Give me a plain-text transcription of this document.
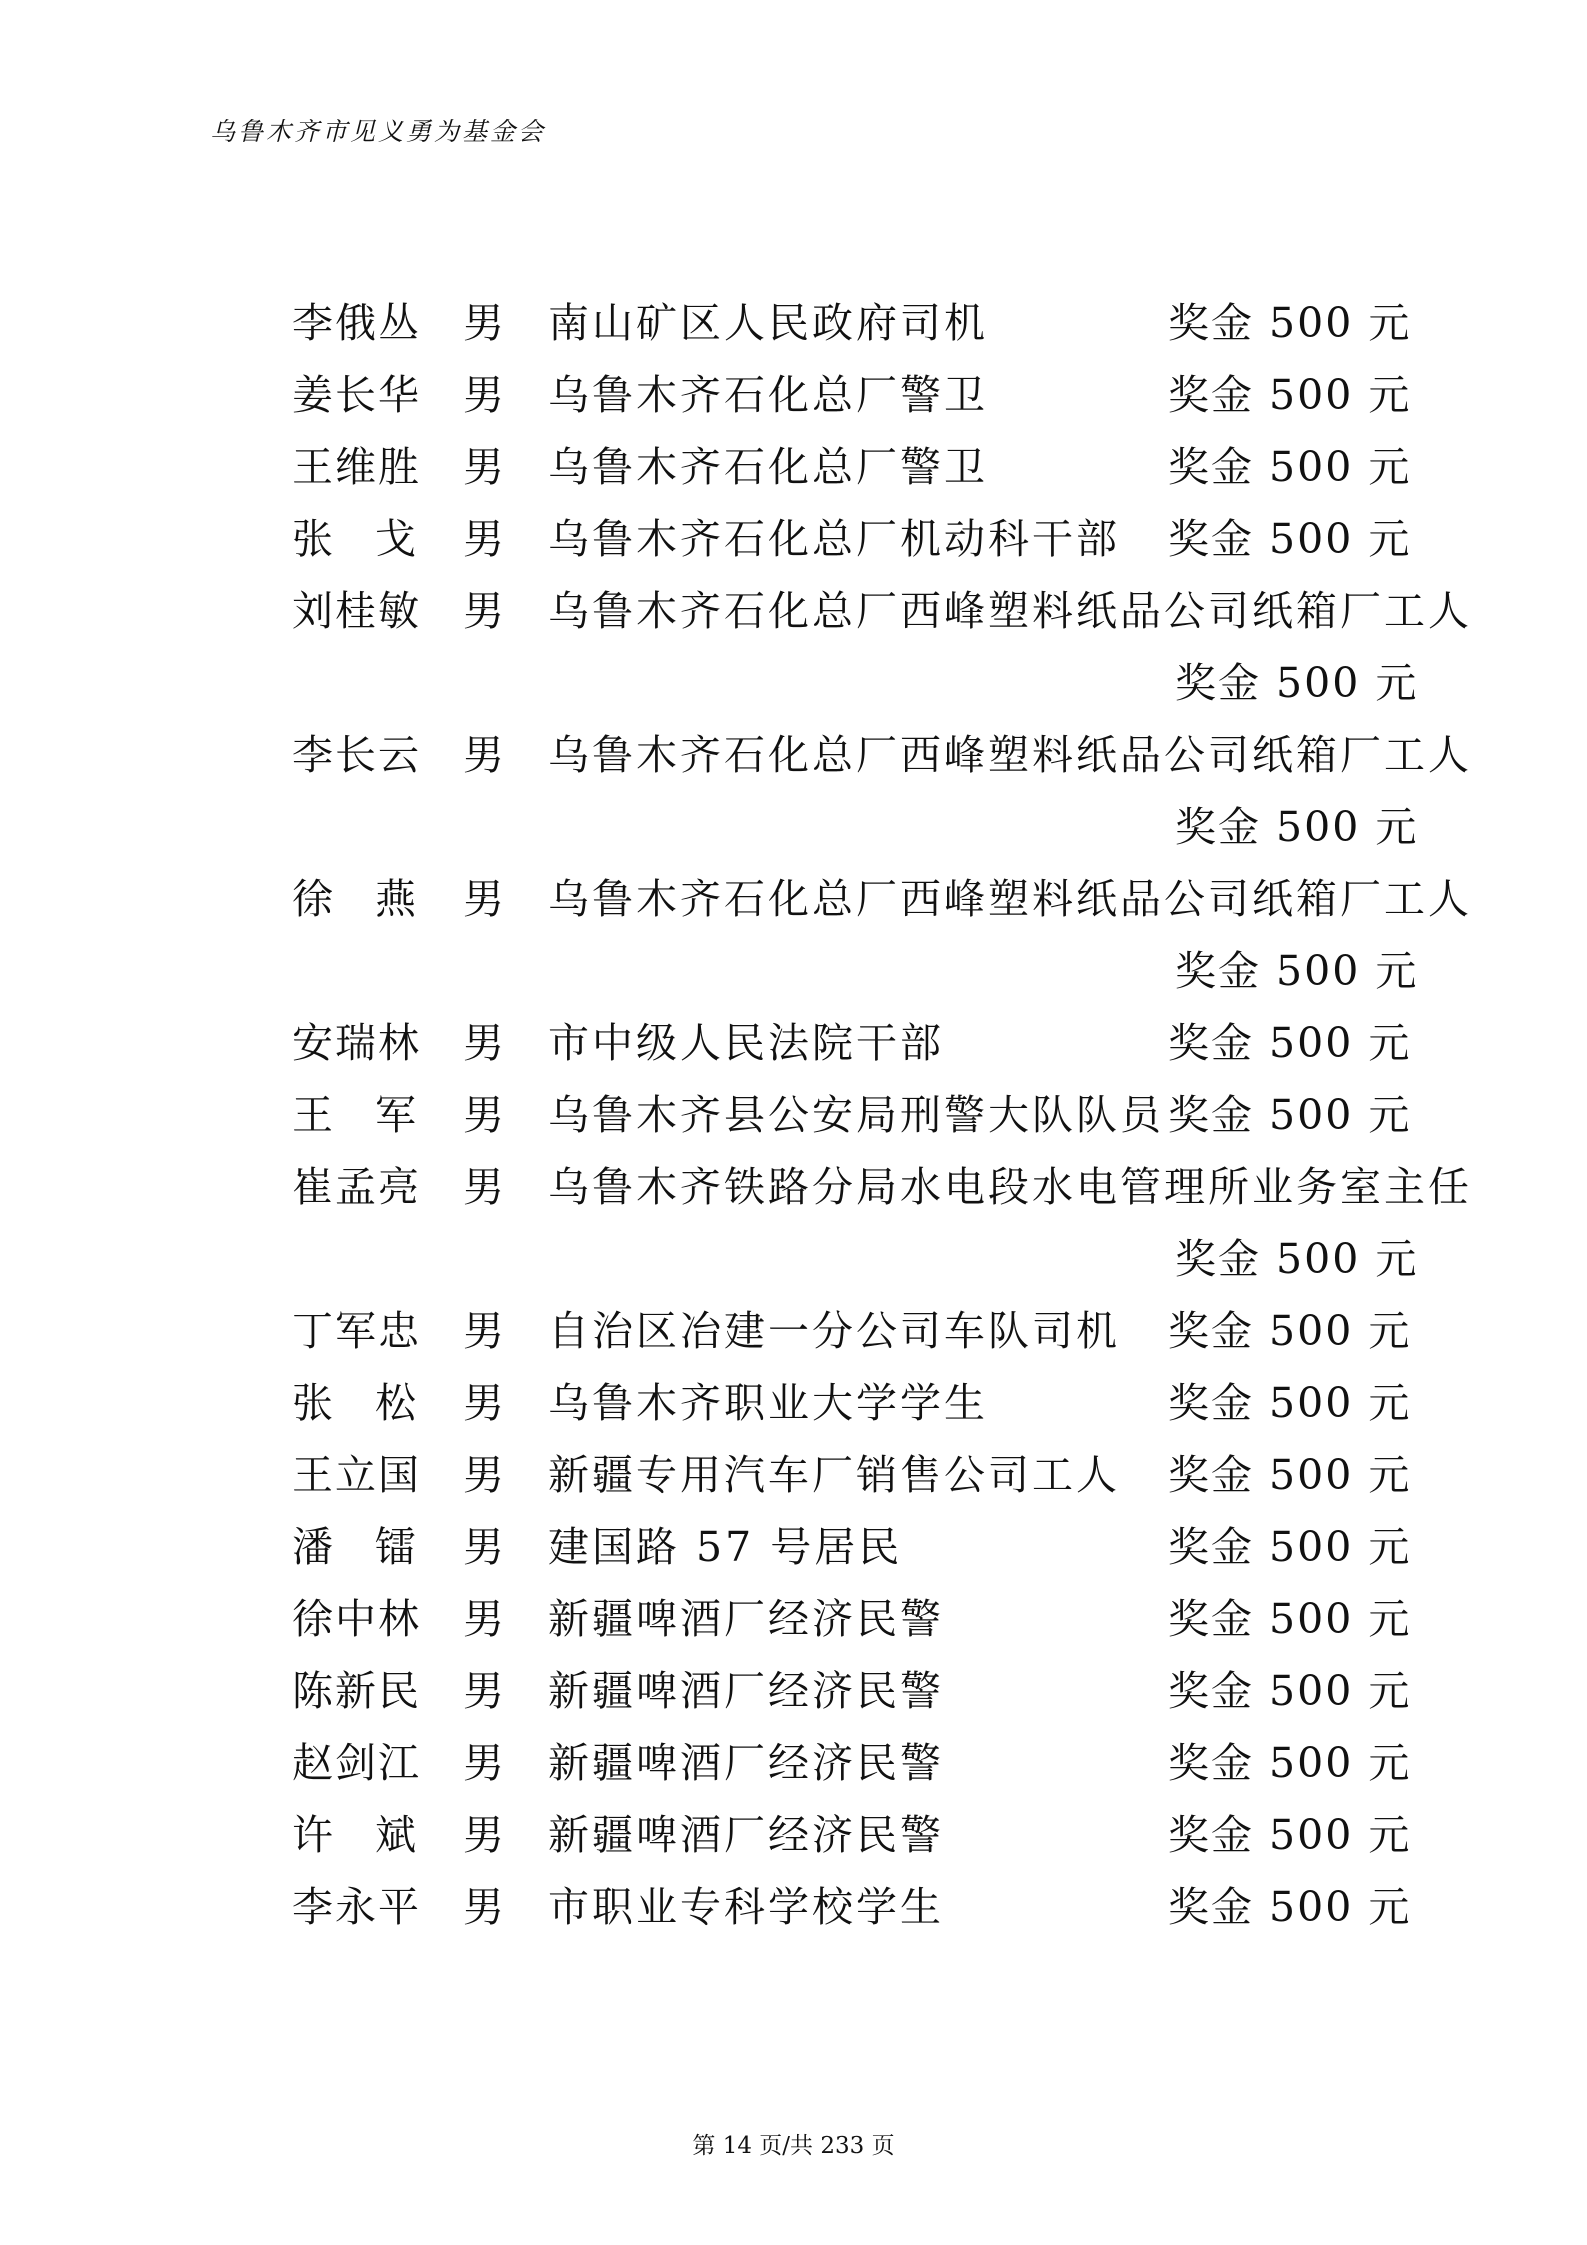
乌鲁木齐市见义勇为基金会
李俄丛 男 南山矿区人民政府司机	奖金 500 元
姜长华 男 乌鲁木齐石化总厂警卫	奖金 500 元
王维胜 男 乌鲁木齐石化总厂警卫	奖金 500 元
张戈 男 乌鲁木齐石化总厂机动科干部 奖金 500 元
刘桂敏 男 乌鲁木齐石化总厂西峰塑料纸品公司纸箱厂工人
奖金 500 元
李长云 男 乌鲁木齐石化总厂西峰塑料纸品公司纸箱厂工人
奖金 500 元
徐燕 男 乌鲁木齐石化总厂西峰塑料纸品公司纸箱厂工人
奖金 500 元
安瑞林 男 市中级人民法院干部	奖金 500 元
王军 男 乌鲁木齐县公安局刑警大队队员 奖金 500 元
崔孟亮 男 乌鲁木齐铁路分局水电段水电管理所业务室主任
奖金 500 元
丁军忠 男 自治区冶建一分公司车队司机 奖金 500 元
张松 男 乌鲁木齐职业大学学生	奖金 500 元
王立国 男 新疆专用汽车厂销售公司工人 奖金 500 元
潘镭 男 建国路 57 号居民	奖金 500 元
徐中林 男 新疆啤酒厂经济民警	奖金 500 元
陈新民 男 新疆啤酒厂经济民警	奖金 500 元
赵剑江 男 新疆啤酒厂经济民警	奖金 500 元
许斌 男 新疆啤酒厂经济民警	奖金 500 元
李永平 男 市职业专科学校学生	奖金 500 元
第 14 页/共 233 页
